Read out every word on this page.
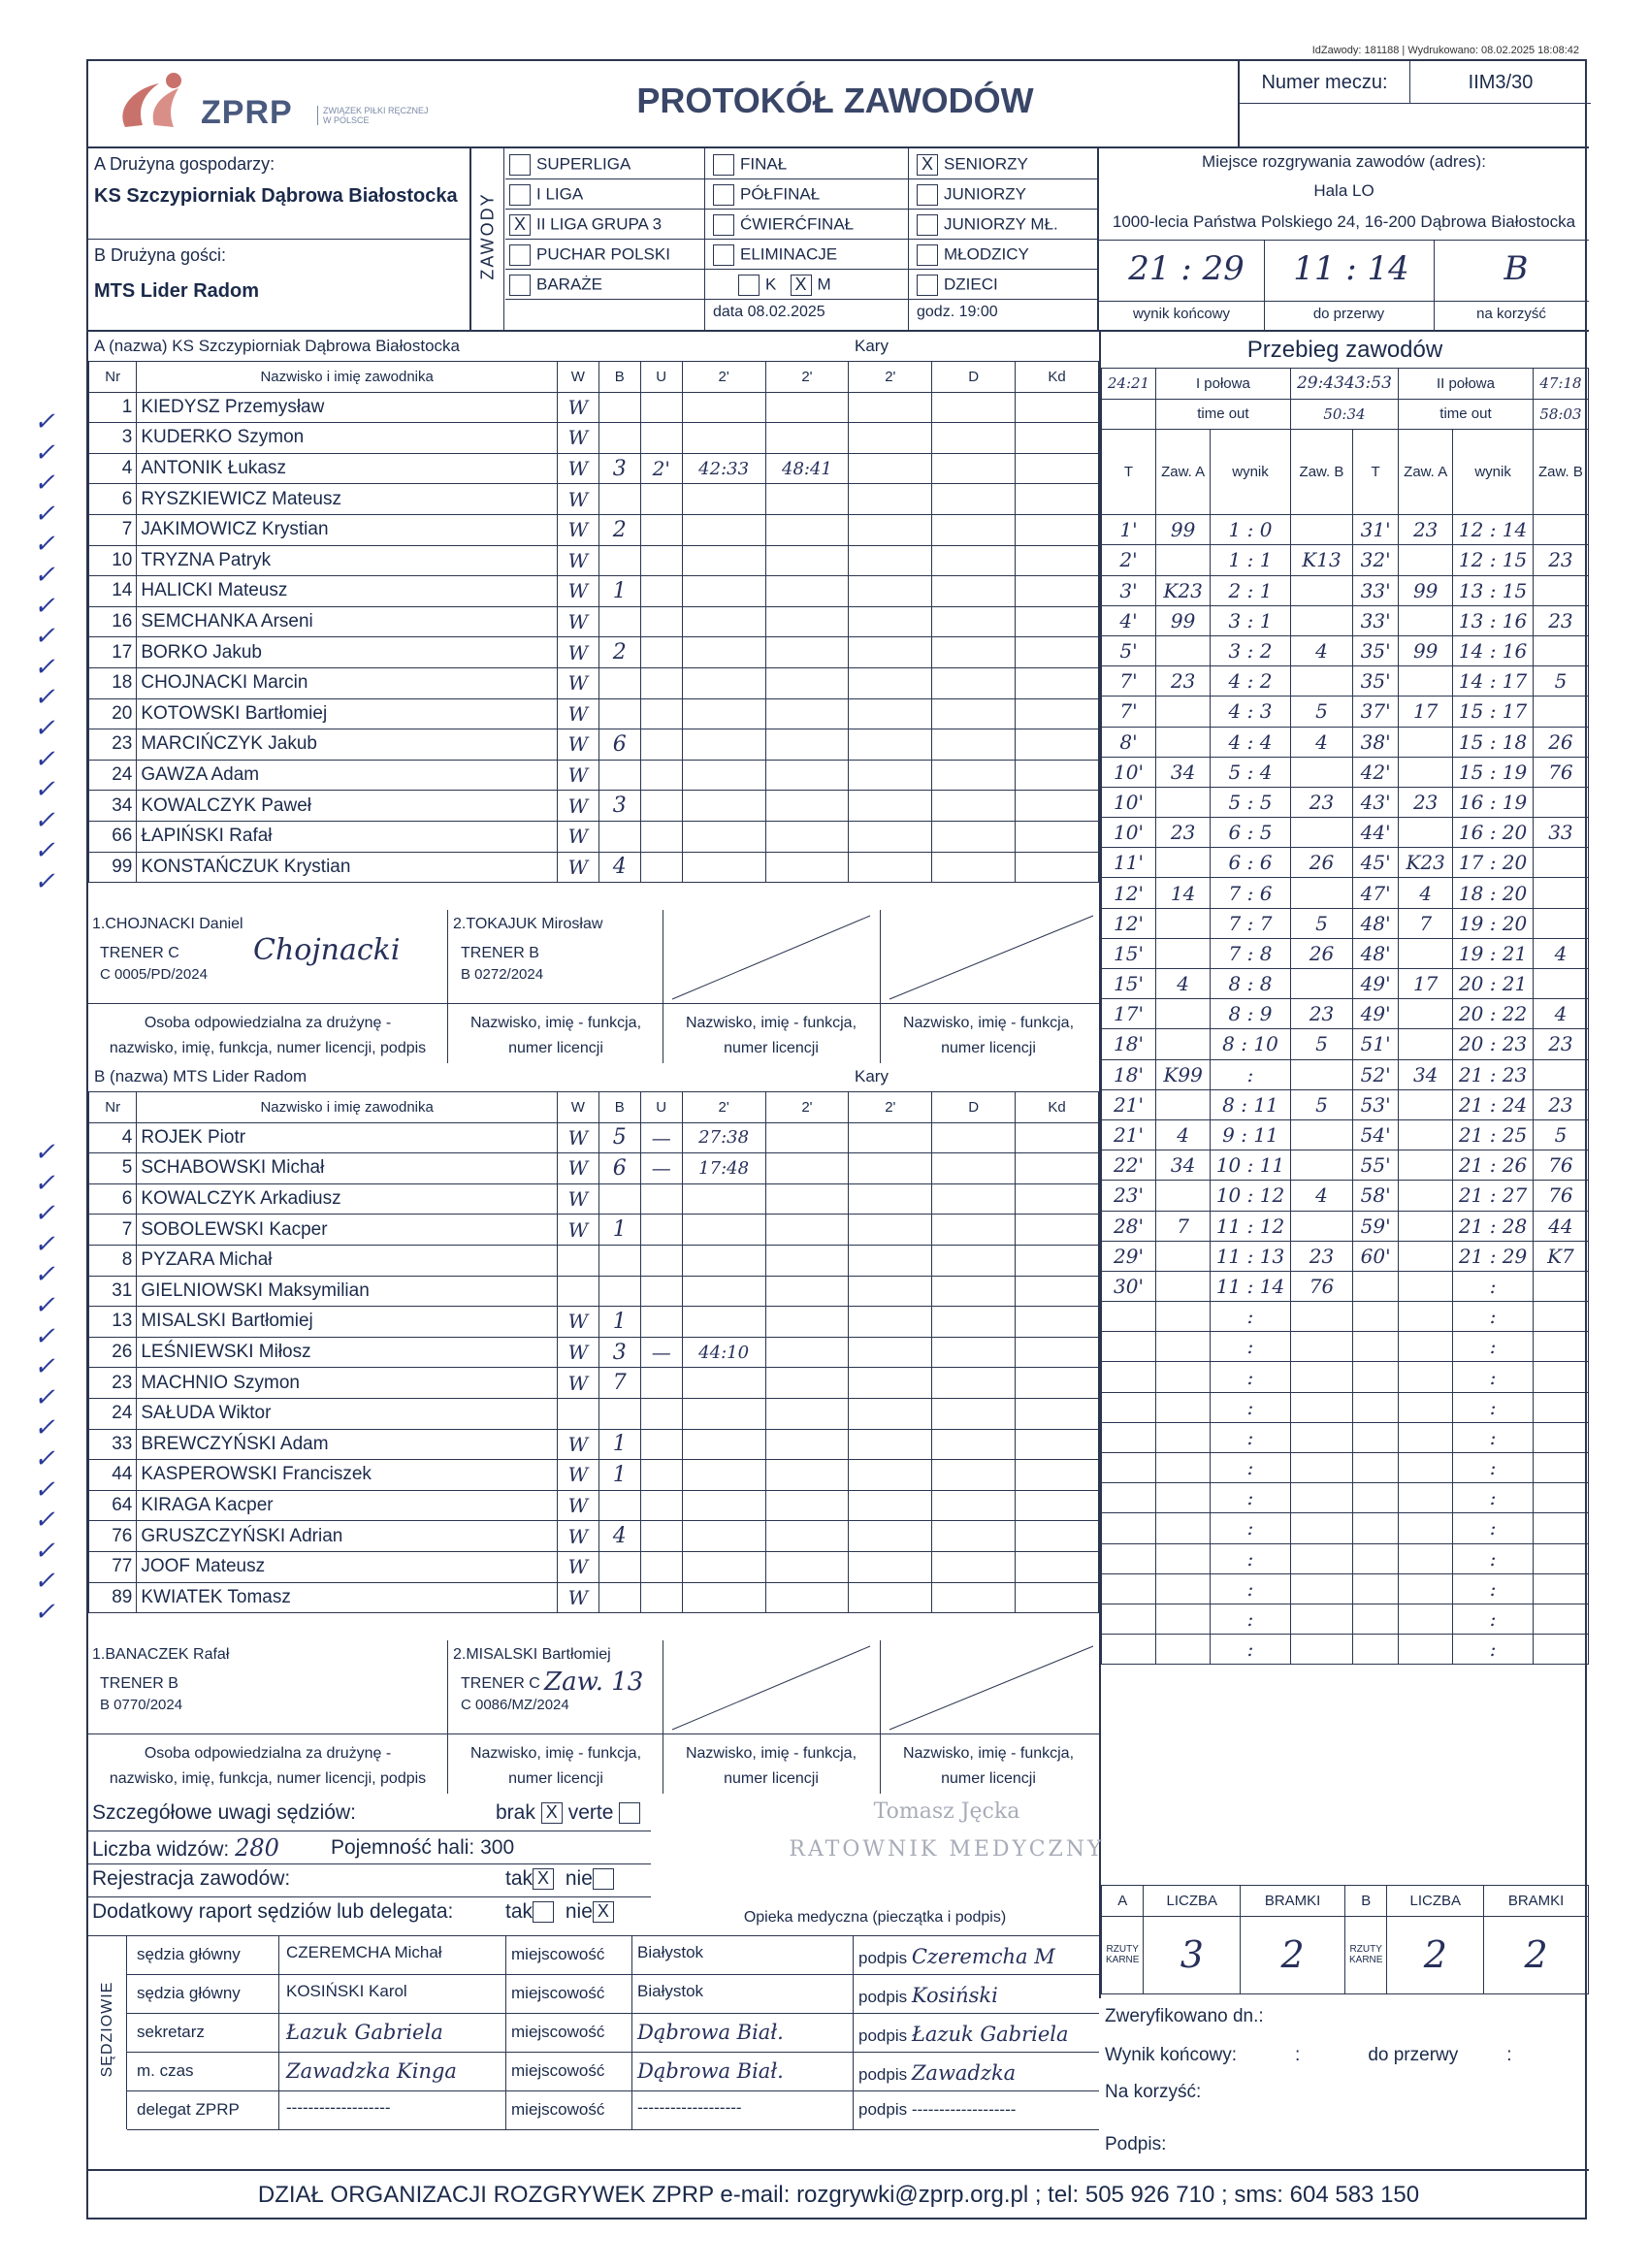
IdZawody: 181188 | Wydrukowano: 08.02.2025 18:08:42
ZPRP	ZWIĄZEK PIŁKI RĘCZNEJ
W POLSCE	PROTOKÓŁ ZAWODÓW	Numer meczu:	IIM3/30
A Drużyna gospodarzy:
KS Szczypiorniak Dąbrowa Białostocka
B Drużyna gości:
MTS Lider Radom
ZAWODY
SUPERLIGA
I LIGA
X II LIGA GRUPA 3
PUCHAR POLSKI
BARAŻE
FINAŁ
PÓŁFINAŁ
ĆWIERĆFINAŁ
ELIMINACJE
X SENIORZY
JUNIORZY
JUNIORZY MŁ.
MŁODZICY
DZIECI
K   X M
data 08.02.2025	godz. 19:00
Miejsce rozgrywania zawodów (adres):
Hala LO
1000-lecia Państwa Polskiego 24, 16-200 Dąbrowa Białostocka
21 : 29	11 : 14	B
wynik końcowy	do przerwy	na korzyść
A (nazwa) KS Szczypiorniak Dąbrowa Białostocka	Kary
Nr	Nazwisko i imię zawodnika	W	B	U	2'	2'	2'	D	Kd
1	KIEDYSZ Przemysław	W							
3	KUDERKO Szymon	W							
4	ANTONIK Łukasz	W	3	2'	42:33	48:41			
6	RYSZKIEWICZ Mateusz	W							
7	JAKIMOWICZ Krystian	W	2						
10	TRYZNA Patryk	W							
14	HALICKI Mateusz	W	1						
16	SEMCHANKA Arseni	W							
17	BORKO Jakub	W	2						
18	CHOJNACKI Marcin	W							
20	KOTOWSKI Bartłomiej	W							
23	MARCIŃCZYK Jakub	W	6						
24	GAWZA Adam	W							
34	KOWALCZYK Paweł	W	3						
66	ŁAPIŃSKI Rafał	W							
99	KONSTAŃCZUK Krystian	W	4						
1.CHOJNACKI Daniel
TRENER C
C 0005/PD/2024
Chojnacki
2.TOKAJUK Mirosław
TRENER B
B 0272/2024
Osoba odpowiedzialna za drużynę -
nazwisko, imię, funkcja, numer licencji, podpis
Nazwisko, imię - funkcja,
numer licencji
Nazwisko, imię - funkcja,
numer licencji
Nazwisko, imię - funkcja,
numer licencji
B (nazwa) MTS Lider Radom	Kary
Nr	Nazwisko i imię zawodnika	W	B	U	2'	2'	2'	D	Kd
4	ROJEK Piotr	W	5	—	27:38				
5	SCHABOWSKI Michał	W	6	—	17:48				
6	KOWALCZYK Arkadiusz	W							
7	SOBOLEWSKI Kacper	W	1						
8	PYZARA Michał								
31	GIELNIOWSKI Maksymilian								
13	MISALSKI Bartłomiej	W	1						
26	LEŚNIEWSKI Miłosz	W	3	—	44:10				
23	MACHNIO Szymon	W	7						
24	SAŁUDA Wiktor								
33	BREWCZYŃSKI Adam	W	1						
44	KASPEROWSKI Franciszek	W	1						
64	KIRAGA Kacper	W							
76	GRUSZCZYŃSKI Adrian	W	4						
77	JOOF Mateusz	W							
89	KWIATEK Tomasz	W							
1.BANACZEK Rafał
TRENER B
B 0770/2024
2.MISALSKI Bartłomiej
TRENER C
C 0086/MZ/2024
Zaw. 13
Osoba odpowiedzialna za drużynę -
nazwisko, imię, funkcja, numer licencji, podpis
Nazwisko, imię - funkcja,
numer licencji
Nazwisko, imię - funkcja,
numer licencji
Nazwisko, imię - funkcja,
numer licencji
Przebieg zawodów
24:21	I połowa		29:4343:53		II połowa		47:18
	time out		50:34		time out		58:03
T	Zaw. A	wynik	Zaw. B	T	Zaw. A	wynik	Zaw. B
1'	99	1 : 0		31'	23	12 : 14	
2'		1 : 1	K13	32'		12 : 15	23
3'	K23	2 : 1		33'	99	13 : 15	
4'	99	3 : 1		33'		13 : 16	23
5'		3 : 2	4	35'	99	14 : 16	
7'	23	4 : 2		35'		14 : 17	5
7'		4 : 3	5	37'	17	15 : 17	
8'		4 : 4	4	38'		15 : 18	26
10'	34	5 : 4		42'		15 : 19	76
10'		5 : 5	23	43'	23	16 : 19	
10'	23	6 : 5		44'		16 : 20	33
11'		6 : 6	26	45'	K23	17 : 20	
12'	14	7 : 6		47'	4	18 : 20	
12'		7 : 7	5	48'	7	19 : 20	
15'		7 : 8	26	48'		19 : 21	4
15'	4	8 : 8		49'	17	20 : 21	
17'		8 : 9	23	49'		20 : 22	4
18'		8 : 10	5	51'		20 : 23	23
18'	K99	:		52'	34	21 : 23	
21'		8 : 11	5	53'		21 : 24	23
21'	4	9 : 11		54'		21 : 25	5
22'	34	10 : 11		55'		21 : 26	76
23'		10 : 12	4	58'		21 : 27	76
28'	7	11 : 12		59'		21 : 28	44
29'		11 : 13	23	60'		21 : 29	K7
30'		11 : 14	76			:	
		:				:	
		:				:	
		:				:	
		:				:	
		:				:	
		:				:	
		:				:	
		:				:	
		:				:	
		:				:	
		:				:	
		:				:	
Szczegółowe uwagi sędziów:	brak X verte
Liczba widzów: 280	Pojemność hali: 300
Rejestracja zawodów:	tak X nie
Dodatkowy raport sędziów lub delegata:	tak nie X
Tomasz Jęcka
RATOWNIK MEDYCZNY
Opieka medyczna (pieczątka i podpis)
A	LICZBA	BRAMKI	B	LICZBA	BRAMKI
RZUTY KARNE	3	2	RZUTY KARNE	2	2
SĘDZIOWIE
sędzia główny	CZEREMCHA Michał	miejscowość Białystok	podpis Czeremcha M
sędzia główny	KOSIŃSKI Karol	miejscowość Białystok	podpis Kosiński
sekretarz	Łazuk Gabriela	miejscowość Dąbrowa Biał.	podpis Łazuk Gabriela
m. czas	Zawadzka Kinga	miejscowość Dąbrowa Biał.	podpis Zawadzka
delegat ZPRP	-------------------	miejscowość -------------------	podpis -------------------
Zweryfikowano dn.:
Wynik końcowy:	:	do przerwy	:
Na korzyść:
Podpis:
DZIAŁ ORGANIZACJI ROZGRYWEK ZPRP e-mail: rozgrywki@zprp.org.pl ; tel: 505 926 710 ; sms: 604 583 150
✓
✓
✓
✓
✓
✓
✓
✓
✓
✓
✓
✓
✓
✓
✓
✓
✓
✓
✓
✓
✓
✓
✓
✓
✓
✓
✓
✓
✓
✓
✓
✓
